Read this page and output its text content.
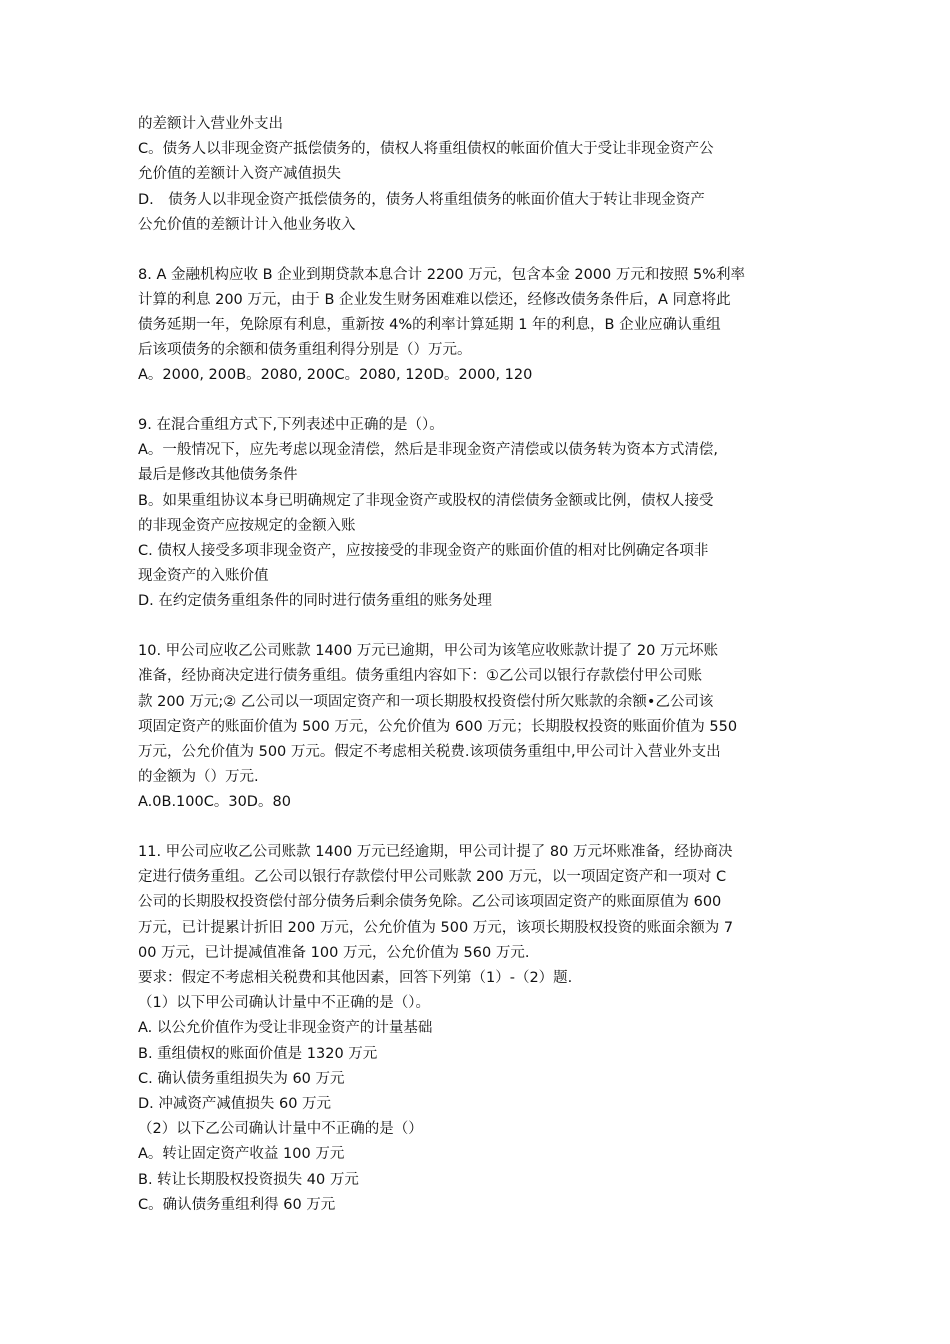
的差额计入营业外支出
C。债务人以非现金资产抵偿债务的，债权人将重组债权的帐面价值大于受让非现金资产公
允价值的差额计入资产减值损失
D.　债务人以非现金资产抵偿债务的，债务人将重组债务的帐面价值大于转让非现金资产
公允价值的差额计计入他业务收入
8. A 金融机构应收 B 企业到期贷款本息合计 2200 万元，包含本金 2000 万元和按照 5%利率
计算的利息 200 万元，由于 B 企业发生财务困难难以偿还，经修改债务条件后，A 同意将此
债务延期一年，免除原有利息，重新按 4%的利率计算延期 1 年的利息，B 企业应确认重组
后该项债务的余额和债务重组利得分别是（）万元。
A。2000, 200B。2080, 200C。2080, 120D。2000, 120
9. 在混合重组方式下,下列表述中正确的是（）。
A。一般情况下，应先考虑以现金清偿，然后是非现金资产清偿或以债务转为资本方式清偿,
最后是修改其他债务条件
B。如果重组协议本身已明确规定了非现金资产或股权的清偿债务金额或比例，债权人接受
的非现金资产应按规定的金额入账
C. 债权人接受多项非现金资产，应按接受的非现金资产的账面价值的相对比例确定各项非
现金资产的入账价值
D. 在约定债务重组条件的同时进行债务重组的账务处理
10. 甲公司应收乙公司账款 1400 万元已逾期，甲公司为该笔应收账款计提了 20 万元坏账
准备，经协商决定进行债务重组。债务重组内容如下：①乙公司以银行存款偿付甲公司账
款 200 万元;② 乙公司以一项固定资产和一项长期股权投资偿付所欠账款的余额•乙公司该
项固定资产的账面价值为 500 万元，公允价值为 600 万元；长期股权投资的账面价值为 550
万元，公允价值为 500 万元。假定不考虑相关税费.该项债务重组中,甲公司计入营业外支出
的金额为（）万元.
A.0B.100C。30D。80
11. 甲公司应收乙公司账款 1400 万元已经逾期，甲公司计提了 80 万元坏账准备，经协商决
定进行债务重组。乙公司以银行存款偿付甲公司账款 200 万元，以一项固定资产和一项对 C
公司的长期股权投资偿付部分债务后剩余债务免除。乙公司该项固定资产的账面原值为 600
万元，已计提累计折旧 200 万元，公允价值为 500 万元，该项长期股权投资的账面余额为 7
00 万元，已计提减值准备 100 万元，公允价值为 560 万元.
要求：假定不考虑相关税费和其他因素，回答下列第（1）-（2）题.
（1）以下甲公司确认计量中不正确的是（）。
A. 以公允价值作为受让非现金资产的计量基础
B. 重组债权的账面价值是 1320 万元
C. 确认债务重组损失为 60 万元
D. 冲减资产减值损失 60 万元
（2）以下乙公司确认计量中不正确的是（）
A。转让固定资产收益 100 万元
B. 转让长期股权投资损失 40 万元
C。确认债务重组利得 60 万元
